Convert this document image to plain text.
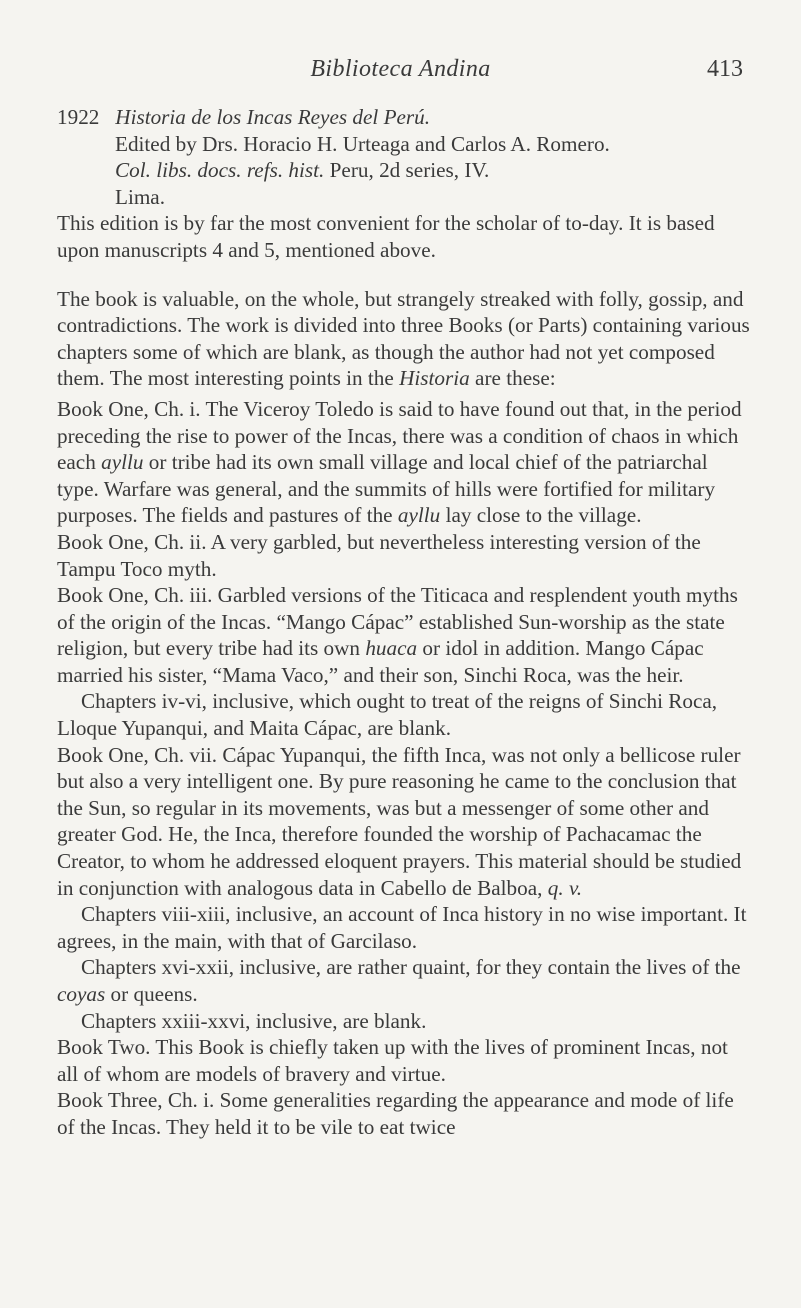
Biblioteca Andina	413

1922 Historia de los Incas Reyes del Perú.

Edited by Drs. Horacio H. Urteaga and Carlos A. Romero.

Col. libs. docs. refs. hist. Peru, 2d series, IV.

Lima.

This edition is by far the most convenient for the scholar of to-day. It is based upon manuscripts 4 and 5, mentioned above.

The book is valuable, on the whole, but strangely streaked with folly, gossip, and contradictions. The work is divided into three Books (or Parts) containing various chapters some of which are blank, as though the author had not yet composed them. The most interesting points in the Historia are these:

Book One, Ch. i. The Viceroy Toledo is said to have found out that, in the period preceding the rise to power of the Incas, there was a condition of chaos in which each ayllu or tribe had its own small village and local chief of the patriarchal type. Warfare was general, and the summits of hills were fortified for military purposes. The fields and pastures of the ayllu lay close to the village.

Book One, Ch. ii. A very garbled, but nevertheless interesting version of the Tampu Toco myth.

Book One, Ch. iii. Garbled versions of the Titicaca and resplendent youth myths of the origin of the Incas. “Mango Cápac” established Sun-worship as the state religion, but every tribe had its own huaca or idol in addition. Mango Cápac married his sister, “Mama Vaco,” and their son, Sinchi Roca, was the heir.

Chapters iv-vi, inclusive, which ought to treat of the reigns of Sinchi Roca, Lloque Yupanqui, and Maita Cápac, are blank.

Book One, Ch. vii. Cápac Yupanqui, the fifth Inca, was not only a bellicose ruler but also a very intelligent one. By pure reasoning he came to the conclusion that the Sun, so regular in its movements, was but a messenger of some other and greater God. He, the Inca, therefore founded the worship of Pachacamac the Creator, to whom he addressed eloquent prayers. This material should be studied in conjunction with analogous data in Cabello de Balboa, q. v.

Chapters viii-xiii, inclusive, an account of Inca history in no wise important. It agrees, in the main, with that of Garcilaso.

Chapters xvi-xxii, inclusive, are rather quaint, for they contain the lives of the coyas or queens.

Chapters xxiii-xxvi, inclusive, are blank.

Book Two. This Book is chiefly taken up with the lives of prominent Incas, not all of whom are models of bravery and virtue.

Book Three, Ch. i. Some generalities regarding the appearance and mode of life of the Incas. They held it to be vile to eat twice
